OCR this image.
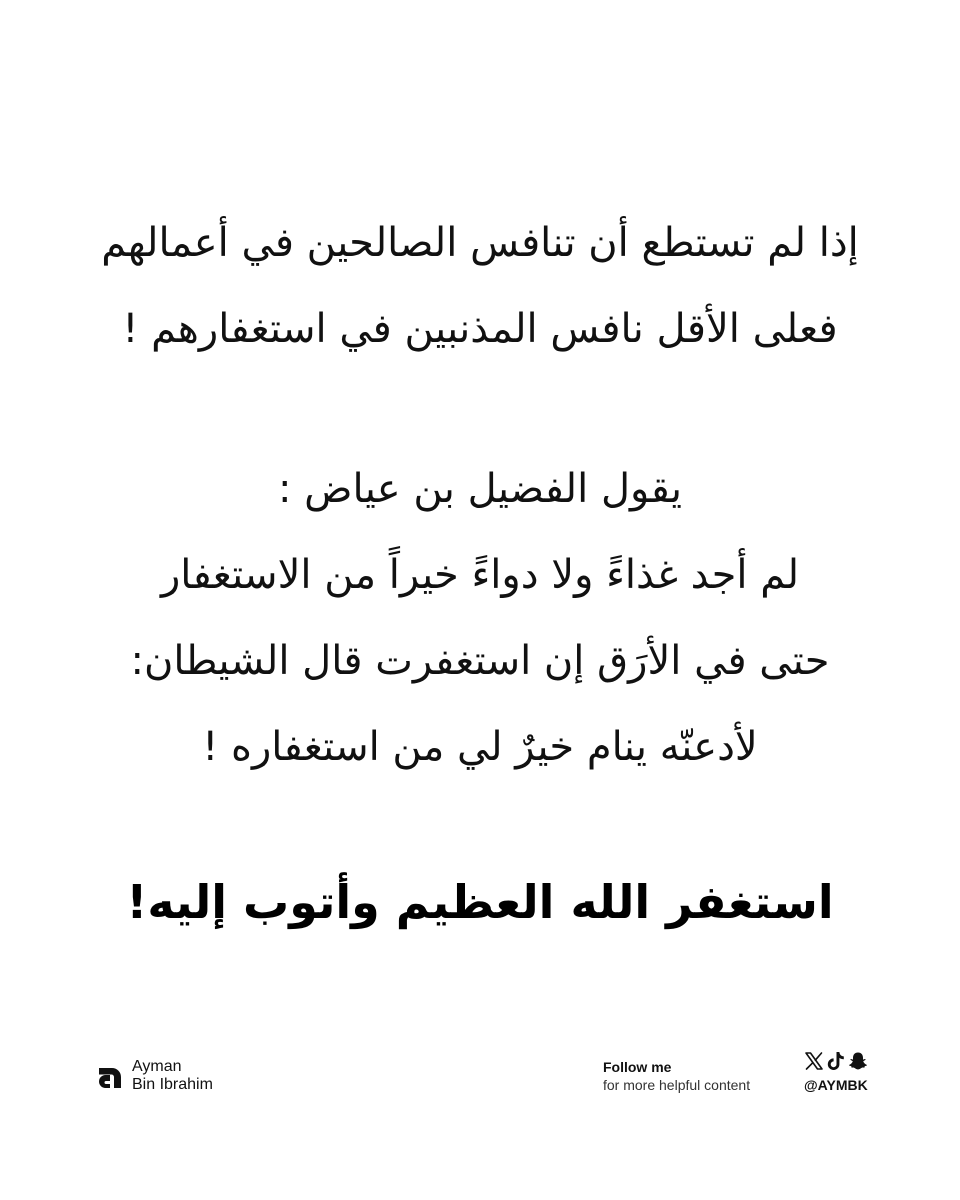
إذا لم تستطع أن تنافس الصالحين في أعمالهم
فعلى الأقل نافس المذنبين في استغفارهم !
يقول الفضيل بن عياض :
لم أجد غذاءً ولا دواءً خيراً من الاستغفار
حتى في الأرَق إن استغفرت قال الشيطان:
لأدعنّه ينام خيرٌ لي من استغفاره !
استغفر الله العظيم وأتوب إليه!
Ayman
Bin Ibrahim
Follow me
for more helpful content	@AYMBK
